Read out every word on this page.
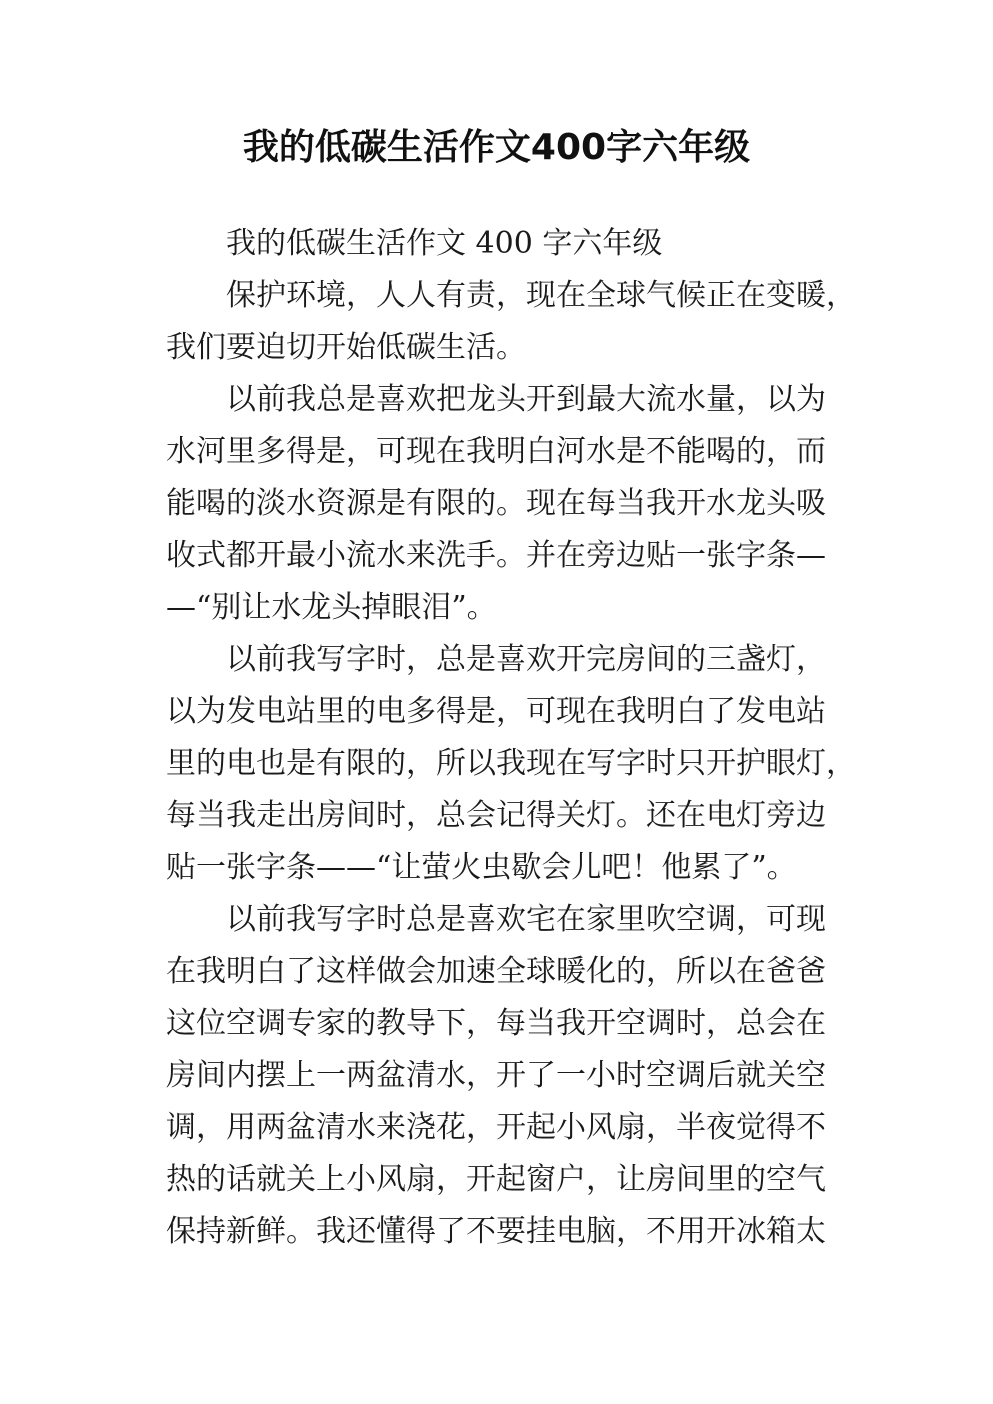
我的低碳生活作文400字六年级
我的低碳生活作文 400 字六年级
保护环境，人人有责，现在全球气候正在变暖，
我们要迫切开始低碳生活。
以前我总是喜欢把龙头开到最大流水量，以为
水河里多得是，可现在我明白河水是不能喝的，而
能喝的淡水资源是有限的。现在每当我开水龙头吸
收式都开最小流水来洗手。并在旁边贴一张字条—
—“别让水龙头掉眼泪”。
以前我写字时，总是喜欢开完房间的三盏灯，
以为发电站里的电多得是，可现在我明白了发电站
里的电也是有限的，所以我现在写字时只开护眼灯，
每当我走出房间时，总会记得关灯。还在电灯旁边
贴一张字条——“让萤火虫歇会儿吧！他累了”。
以前我写字时总是喜欢宅在家里吹空调，可现
在我明白了这样做会加速全球暖化的，所以在爸爸
这位空调专家的教导下，每当我开空调时，总会在
房间内摆上一两盆清水，开了一小时空调后就关空
调，用两盆清水来浇花，开起小风扇，半夜觉得不
热的话就关上小风扇，开起窗户，让房间里的空气
保持新鲜。我还懂得了不要挂电脑，不用开冰箱太
